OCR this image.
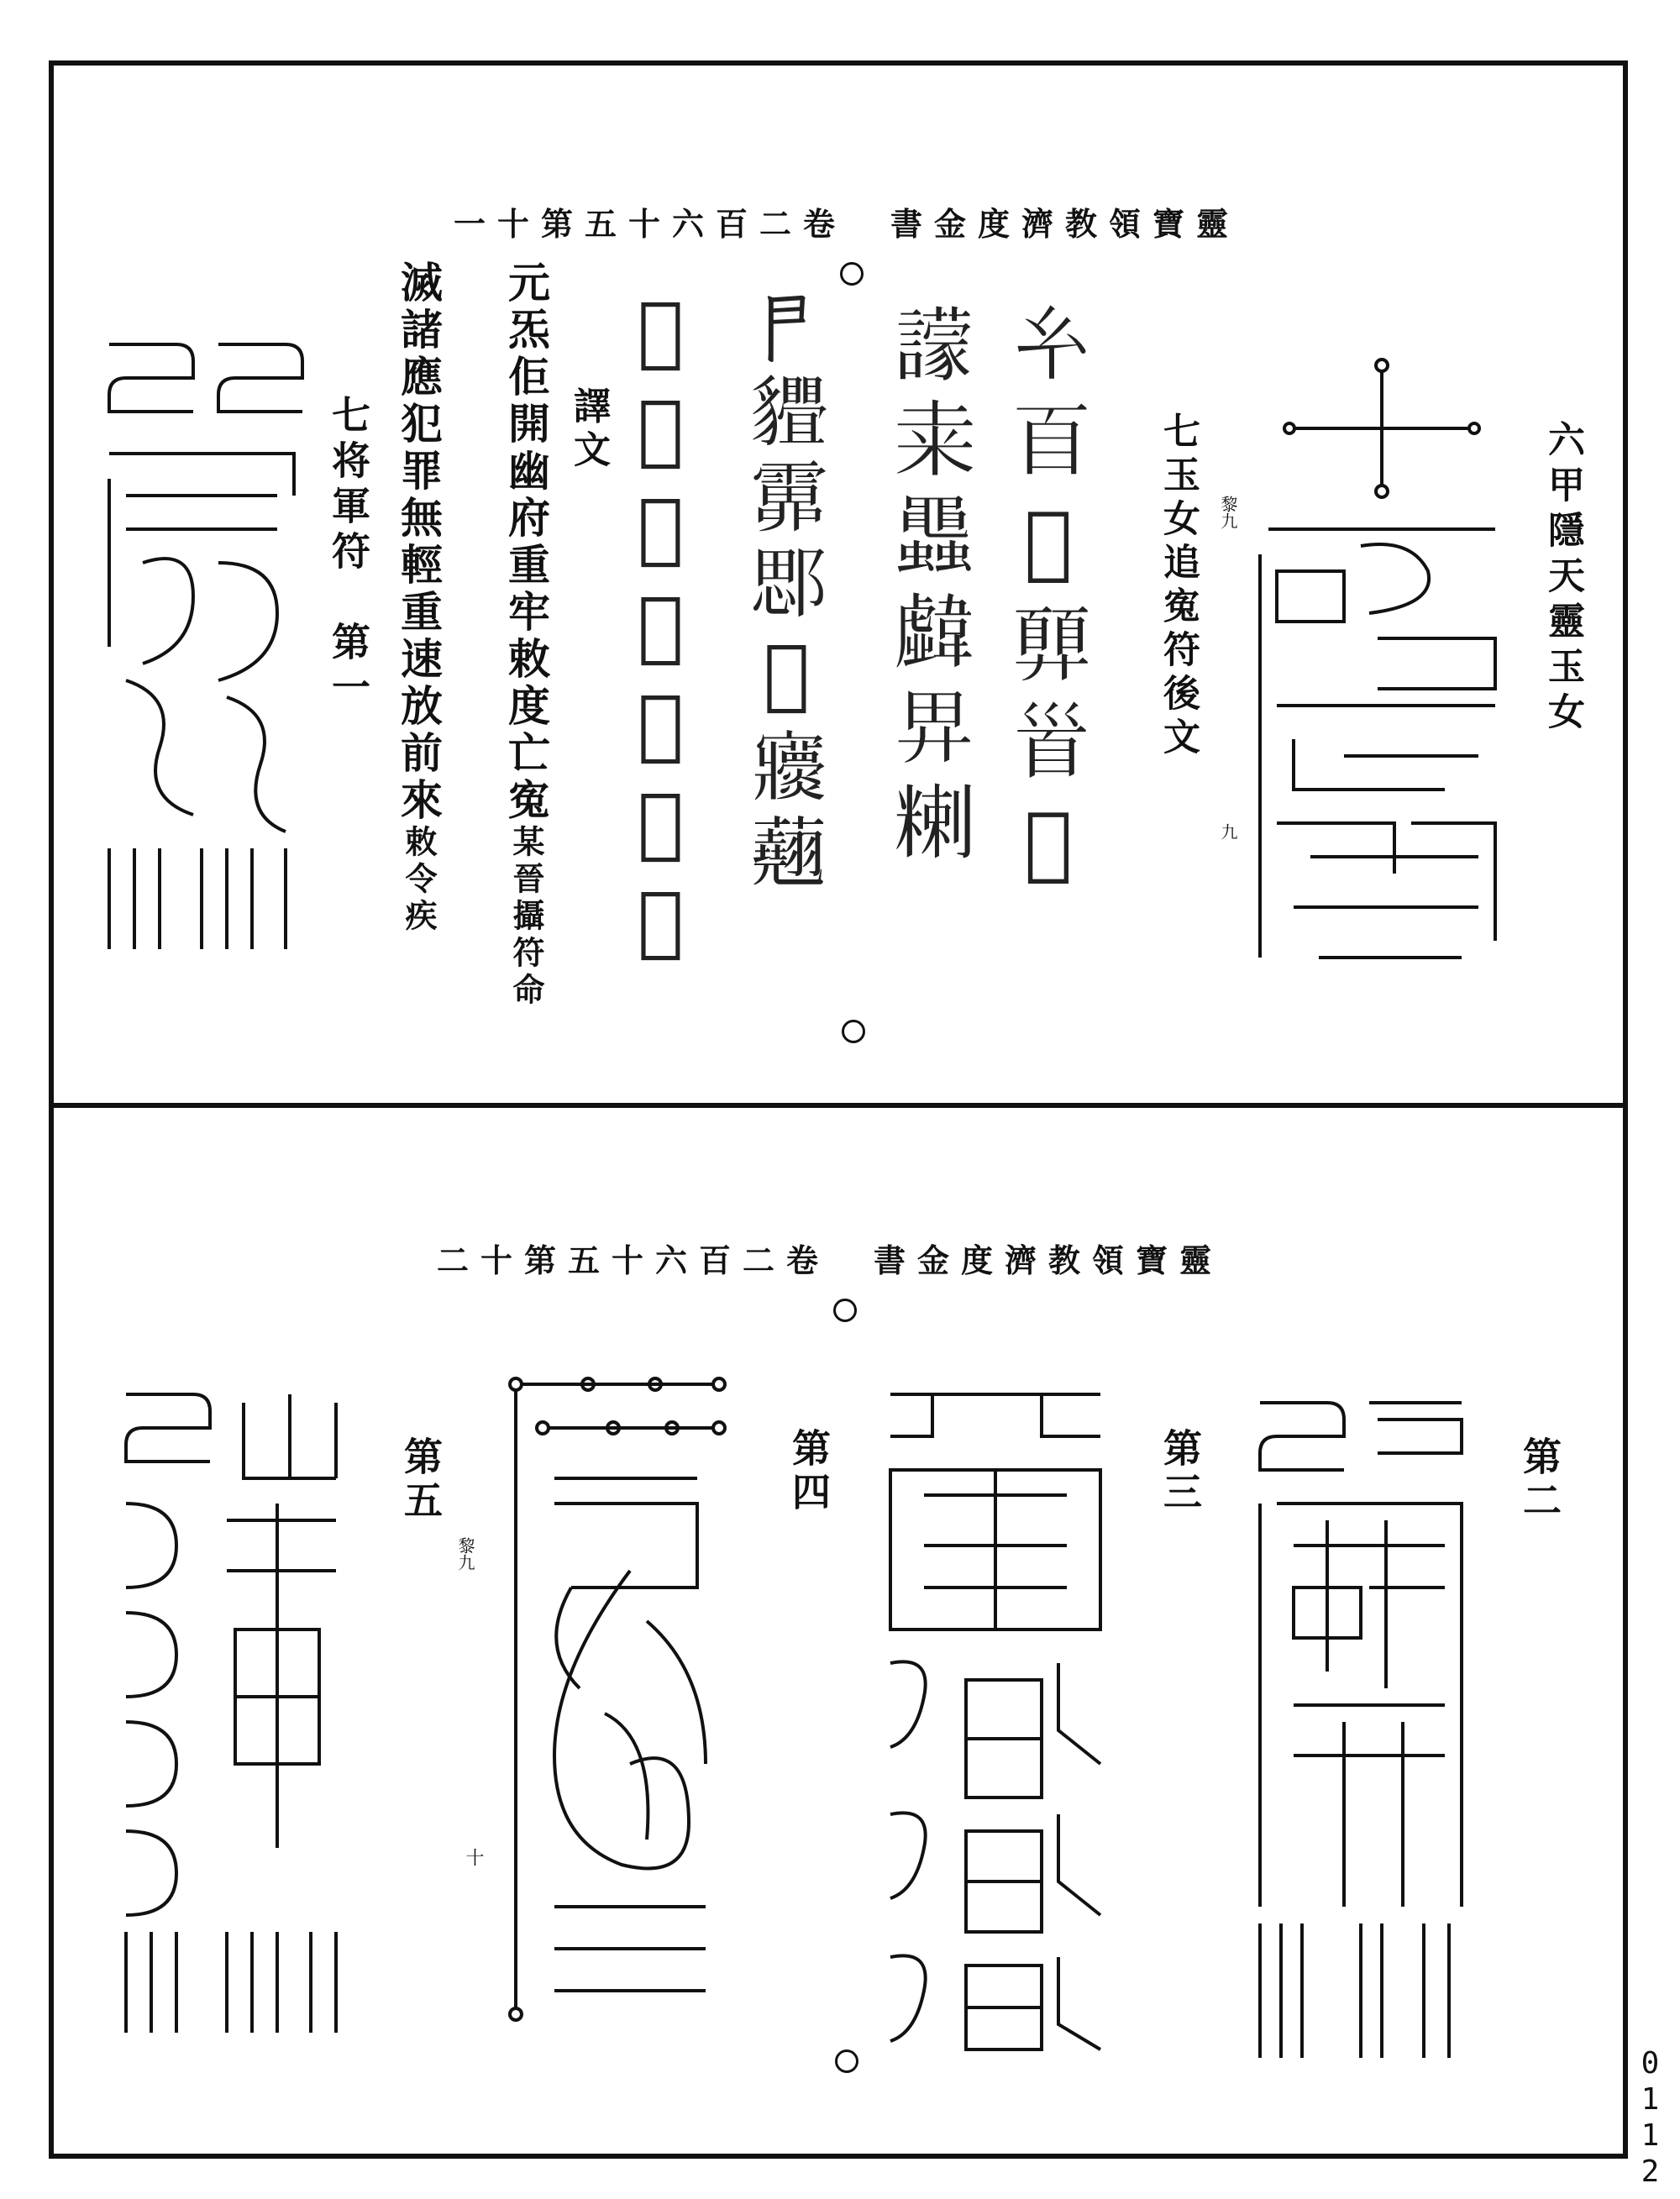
靈寶領教濟度金書　卷二百六十五第十一
六甲隱天靈玉女
七玉女追寃符後文	黎九
九
𢆯𦣻𥅿𢍳𩠐𣐕
𧭊𥸮𧕵𩏣𢌿𥻃
𠁣𧴢𩅎𨜐𠦱𡬖𧄍
𦘧𤯳𡰥𧈡𢎗𨖉𡼊
譯文
元炁佢開幽府重牢敕度亡寃某晉攝符命
滅諸應犯罪無輕重速放前來敕令疾
七将軍符　第一
靈寶領教濟度金書　卷二百六十五第十二
第二
第三
第四
第五
黎九
十
0112
